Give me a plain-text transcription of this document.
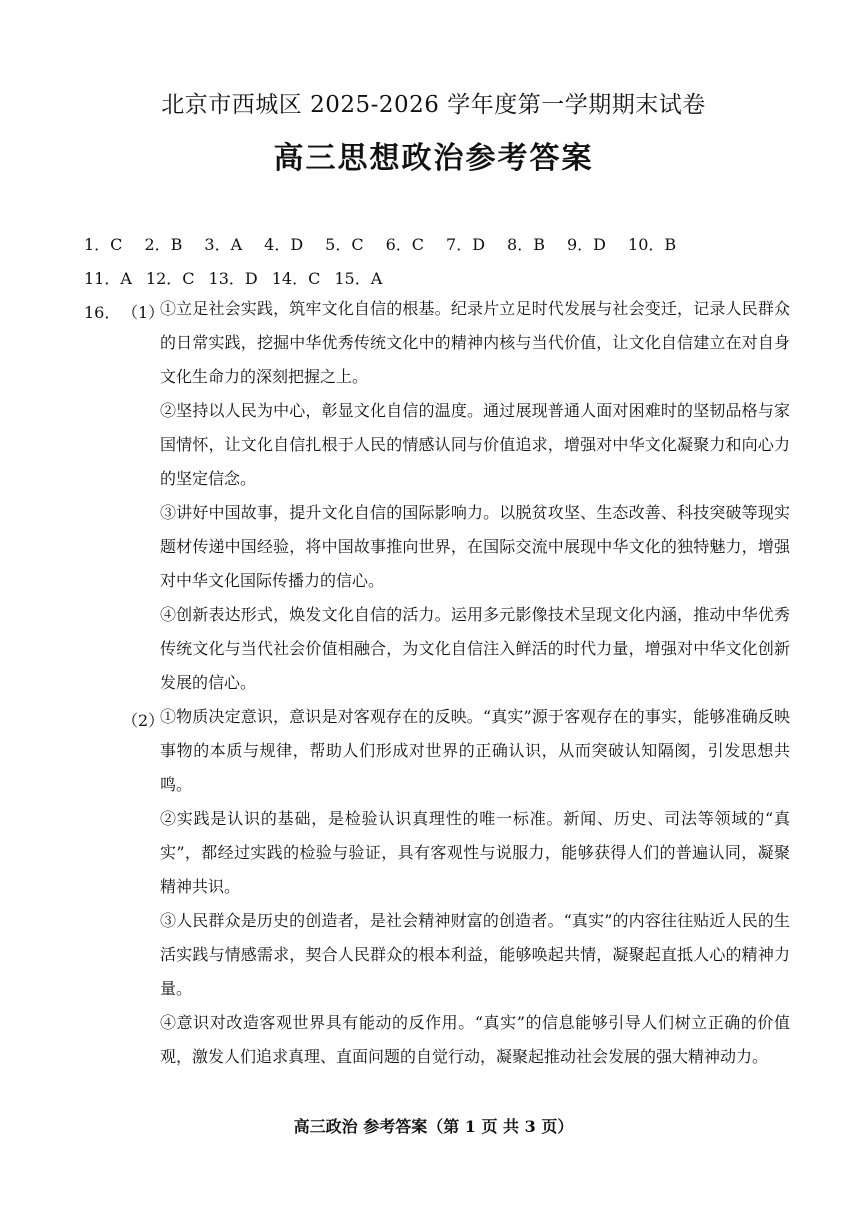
北京市西城区 2025-2026 学年度第一学期期末试卷
高三思想政治参考答案
1．C 2．B 3．A 4．D 5．C 6．C 7．D 8．B 9．D 10．B
11．A 12．C 13．D 14．C 15．A
16． （1）
①立足社会实践，筑牢文化自信的根基。纪录片立足时代发展与社会变迁，记录人民群众的日常实践，挖掘中华优秀传统文化中的精神内核与当代价值，让文化自信建立在对自身文化生命力的深刻把握之上。
②坚持以人民为中心，彰显文化自信的温度。通过展现普通人面对困难时的坚韧品格与家国情怀，让文化自信扎根于人民的情感认同与价值追求，增强对中华文化凝聚力和向心力的坚定信念。
③讲好中国故事，提升文化自信的国际影响力。以脱贫攻坚、生态改善、科技突破等现实题材传递中国经验，将中国故事推向世界，在国际交流中展现中华文化的独特魅力，增强对中华文化国际传播力的信心。
④创新表达形式，焕发文化自信的活力。运用多元影像技术呈现文化内涵，推动中华优秀传统文化与当代社会价值相融合，为文化自信注入鲜活的时代力量，增强对中华文化创新发展的信心。
（2）
①物质决定意识，意识是对客观存在的反映。“真实”源于客观存在的事实，能够准确反映事物的本质与规律，帮助人们形成对世界的正确认识，从而突破认知隔阂，引发思想共鸣。
②实践是认识的基础，是检验认识真理性的唯一标准。新闻、历史、司法等领域的“真实”，都经过实践的检验与验证，具有客观性与说服力，能够获得人们的普遍认同，凝聚精神共识。
③人民群众是历史的创造者，是社会精神财富的创造者。“真实”的内容往往贴近人民的生活实践与情感需求，契合人民群众的根本利益，能够唤起共情，凝聚起直抵人心的精神力量。
④意识对改造客观世界具有能动的反作用。“真实”的信息能够引导人们树立正确的价值观，激发人们追求真理、直面问题的自觉行动，凝聚起推动社会发展的强大精神动力。
高三政治 参考答案（第 1 页 共 3 页）
